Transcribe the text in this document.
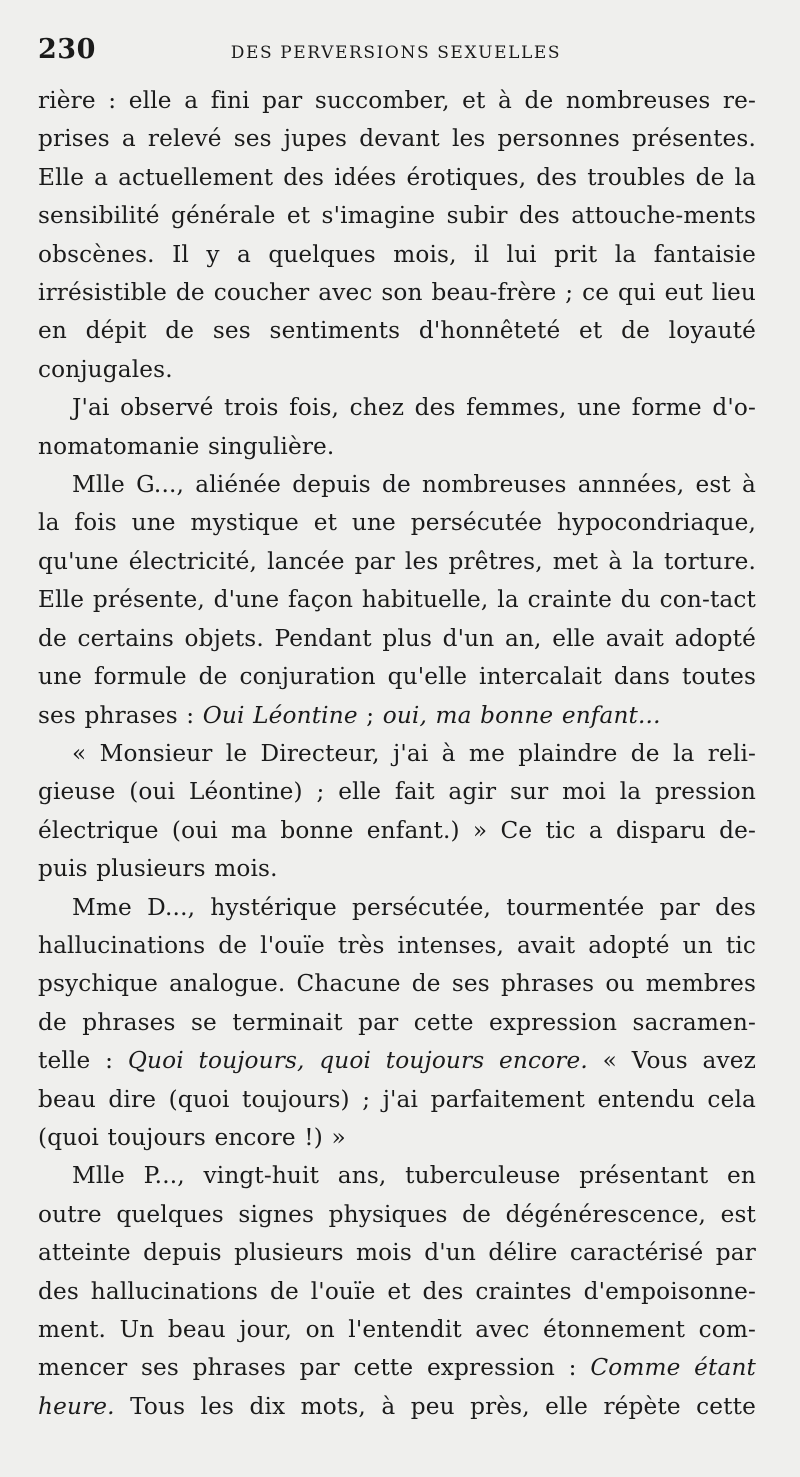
230	DES PERVERSIONS SEXUELLES

rière : elle a fini par succomber, et à de nombreuses re-prises a relevé ses jupes devant les personnes présentes. Elle a actuellement des idées érotiques, des troubles de la sensibilité générale et s'imagine subir des attouche-ments obscènes. Il y a quelques mois, il lui prit la fantaisie irrésistible de coucher avec son beau-frère ; ce qui eut lieu en dépit de ses sentiments d'honnêteté et de loyauté conjugales.

J'ai observé trois fois, chez des femmes, une forme d'o-nomatomanie singulière.

Mlle G..., aliénée depuis de nombreuses annnées, est à la fois une mystique et une persécutée hypocondriaque, qu'une électricité, lancée par les prêtres, met à la torture. Elle présente, d'une façon habituelle, la crainte du con-tact de certains objets. Pendant plus d'un an, elle avait adopté une formule de conjuration qu'elle intercalait dans toutes ses phrases : Oui Léontine ; oui, ma bonne enfant...

« Monsieur le Directeur, j'ai à me plaindre de la reli-gieuse (oui Léontine) ; elle fait agir sur moi la pression électrique (oui ma bonne enfant.) » Ce tic a disparu de-puis plusieurs mois.

Mme D..., hystérique persécutée, tourmentée par des hallucinations de l'ouïe très intenses, avait adopté un tic psychique analogue. Chacune de ses phrases ou membres de phrases se terminait par cette expression sacramen-telle : Quoi toujours, quoi toujours encore. « Vous avez beau dire (quoi toujours) ; j'ai parfaitement entendu cela (quoi toujours encore !) »

Mlle P..., vingt-huit ans, tuberculeuse présentant en outre quelques signes physiques de dégénérescence, est atteinte depuis plusieurs mois d'un délire caractérisé par des hallucinations de l'ouïe et des craintes d'empoisonne-ment. Un beau jour, on l'entendit avec étonnement com-mencer ses phrases par cette expression : Comme étant heure. Tous les dix mots, à peu près, elle répète cette
